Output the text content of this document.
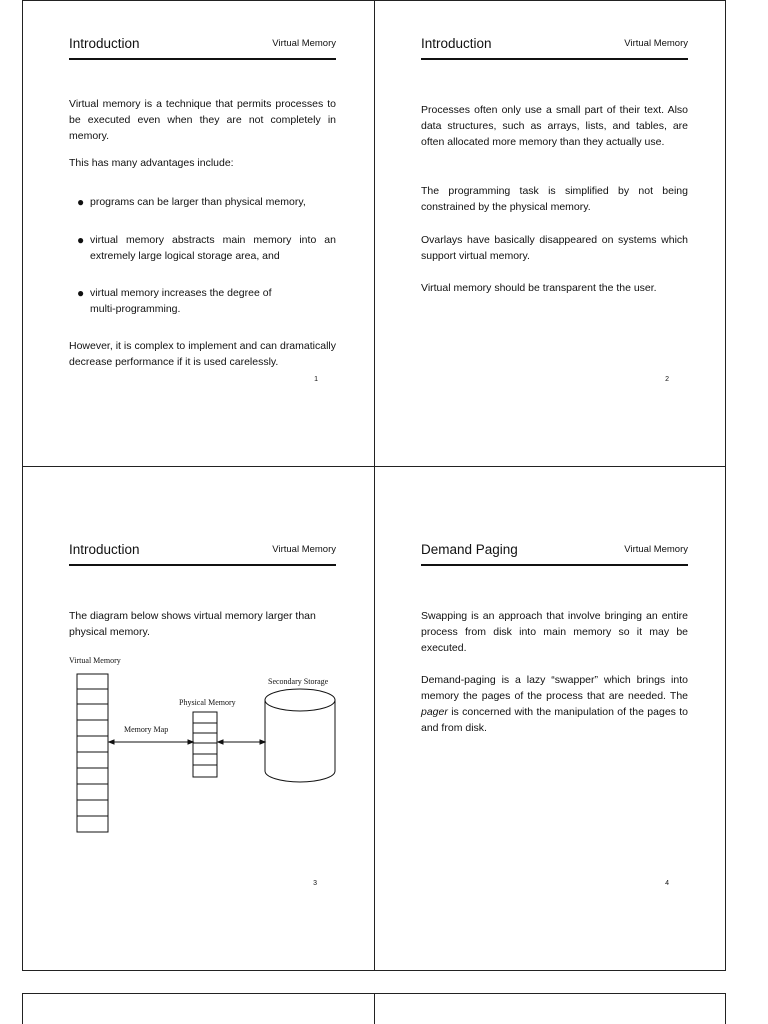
Introduction	Virtual Memory

Virtual memory is a technique that permits processes to be executed even when they are not completely in memory.

This has many advantages include:

● programs can be larger than physical memory,

● virtual memory abstracts main memory into an extremely large logical storage area, and

● virtual memory increases the degree of multi-programming.

However, it is complex to implement and can dramatically decrease performance if it is used carelessly.

1
Introduction	Virtual Memory

Processes often only use a small part of their text. Also data structures, such as arrays, lists, and tables, are often allocated more memory than they actually use.

The programming task is simplified by not being constrained by the physical memory.

Ovarlays have basically disappeared on systems which support virtual memory.

Virtual memory should be transparent the the user.

2
Introduction	Virtual Memory

The diagram below shows virtual memory larger than physical memory.

Virtual Memory
Memory Map
Physical Memory
Secondary Storage
3
Demand Paging	Virtual Memory

Swapping is an approach that involve bringing an entire process from disk into main memory so it may be executed.

Demand-paging is a lazy “swapper” which brings into memory the pages of the process that are needed. The pager is concerned with the manipulation of the pages to and from disk.

4
